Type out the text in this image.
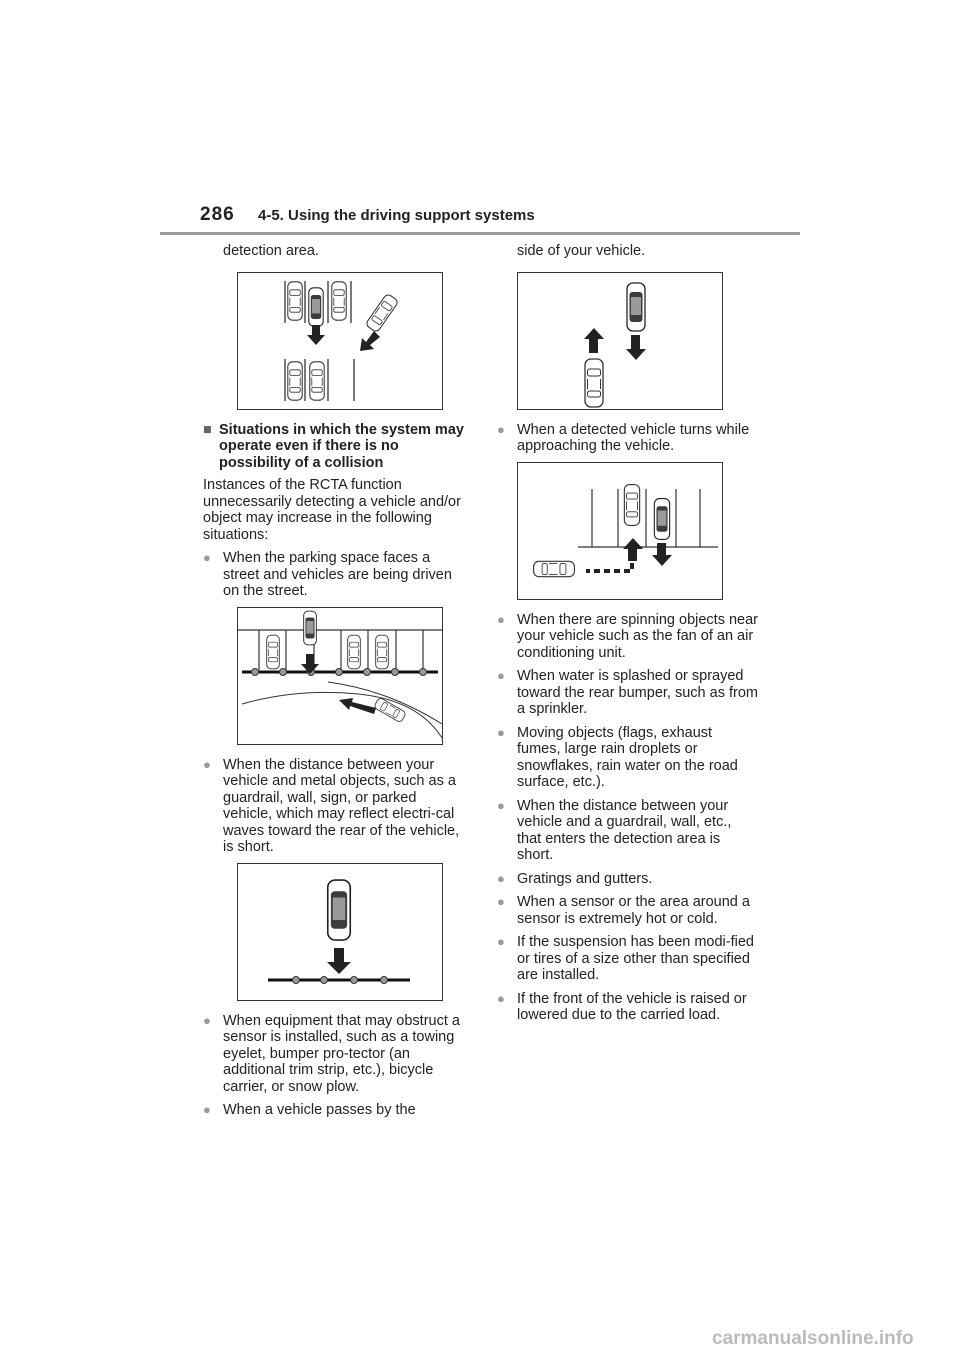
286	4-5. Using the driving support systems
detection area.
■ Situations in which the system may operate even if there is no possibility of a collision
Instances of the RCTA function unnecessarily detecting a vehicle and/or object may increase in the following situations:
● When the parking space faces a street and vehicles are being driven on the street.
● When the distance between your vehicle and metal objects, such as a guardrail, wall, sign, or parked vehicle, which may reflect electri-cal waves toward the rear of the vehicle, is short.
● When equipment that may obstruct a sensor is installed, such as a towing eyelet, bumper pro-tector (an additional trim strip, etc.), bicycle carrier, or snow plow.
● When a vehicle passes by the
side of your vehicle.
● When a detected vehicle turns while approaching the vehicle.
● When there are spinning objects near your vehicle such as the fan of an air conditioning unit.
● When water is splashed or sprayed toward the rear bumper, such as from a sprinkler.
● Moving objects (flags, exhaust fumes, large rain droplets or snowflakes, rain water on the road surface, etc.).
● When the distance between your vehicle and a guardrail, wall, etc., that enters the detection area is short.
● Gratings and gutters.
● When a sensor or the area around a sensor is extremely hot or cold.
● If the suspension has been modi-fied or tires of a size other than specified are installed.
● If the front of the vehicle is raised or lowered due to the carried load.
carmanualsonline.info
